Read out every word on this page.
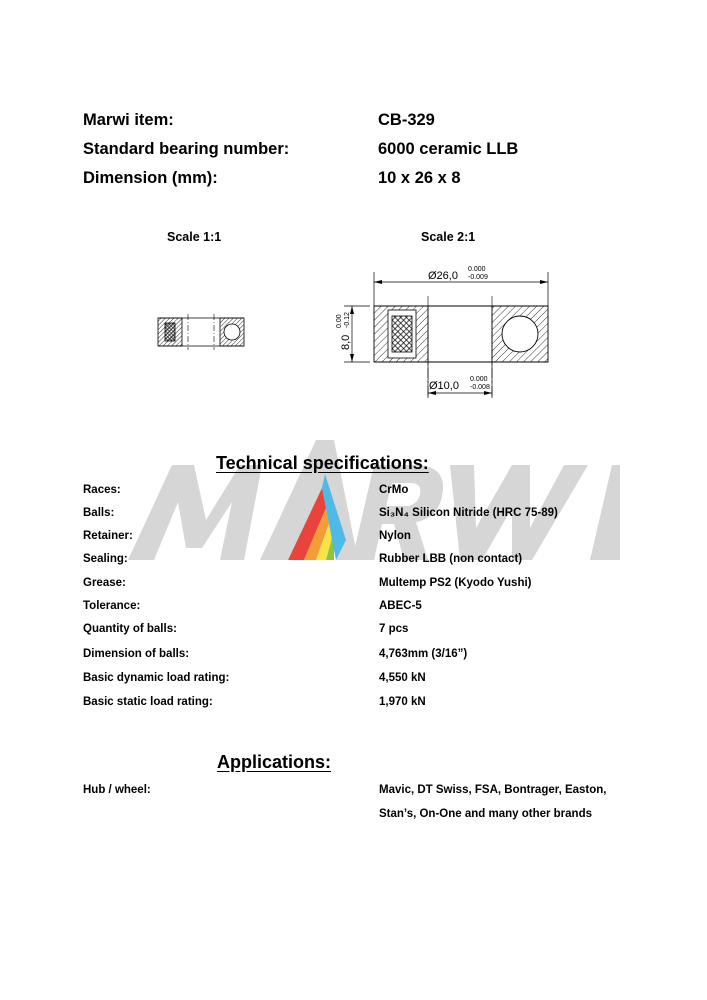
Marwi item:	CB-329
Standard bearing number:	6000 ceramic LLB
Dimension (mm):	10 x 26 x 8
Scale 1:1	Scale 2:1
Ø26,0
0.000
-0.009
8,0
0.00 -0.12
Ø10,0
0.000
-0.008
Technical specifications:
Races:	CrMo
Balls:	Si₃N₄ Silicon Nitride (HRC 75-89)
Retainer:	Nylon
Sealing:	Rubber LBB (non contact)
Grease:	Multemp PS2 (Kyodo Yushi)
Tolerance:	ABEC-5
Quantity of balls:	7 pcs
Dimension of balls:	4,763mm (3/16”)
Basic dynamic load rating:	4,550 kN
Basic static load rating:	1,970 kN
Applications:
Hub / wheel:	Mavic, DT Swiss, FSA, Bontrager, Easton,
Stan’s, On-One and many other brands
